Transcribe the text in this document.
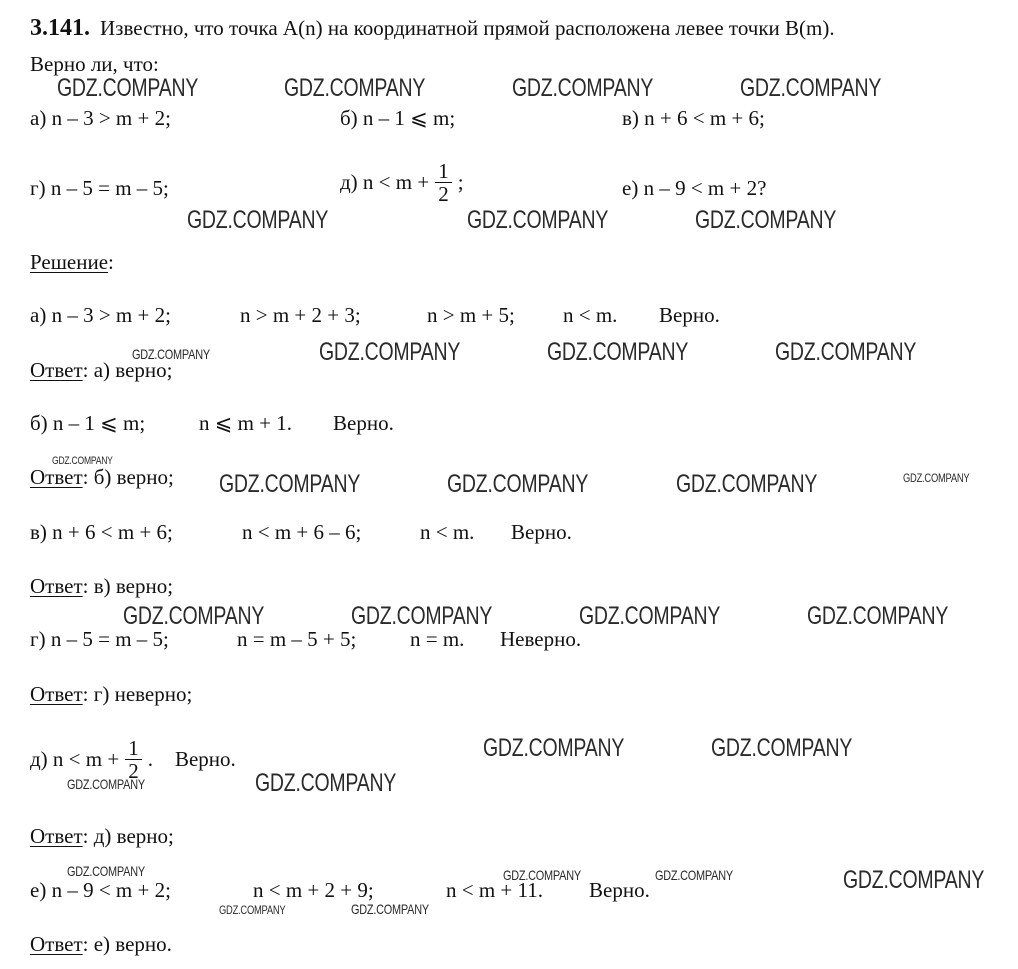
3.141. Известно, что точка A(n) на координатной прямой расположена левее точки B(m).
Верно ли, что:
а) n – 3 > m + 2;	б) n – 1 ⩽ m;	в) n + 6 < m + 6;
г) n – 5 = m – 5;	д) $n < m + \frac{1}{2}$ ;	е) n – 9 < m + 2?
Решение:
а) n – 3 > m + 2;	n > m + 2 + 3;	n > m + 5; n < m. Верно.
Ответ: а) верно;
б) n – 1 ⩽ m;	n ⩽ m + 1. Верно.
Ответ: б) верно;
в) n + 6 < m + 6;	n < m + 6 – 6;	n < m. Верно.
Ответ: в) верно;
г) n – 5 = m – 5;	n = m – 5 + 5;	n = m. Неверно.
Ответ: г) неверно;
д) $n < m + \frac{1}{2}$ . Верно.
Ответ: д) верно;
е) n – 9 < m + 2;	n < m + 2 + 9;	n < m + 11. Верно.
Ответ: е) верно.
GDZ.COMPANY	GDZ.COMPANY	GDZ.COMPANY	GDZ.COMPANY
GDZ.COMPANY	GDZ.COMPANY	GDZ.COMPANY
GDZ.COMPANY	GDZ.COMPANY	GDZ.COMPANY	GDZ.COMPANY
GDZ.COMPANY
GDZ.COMPANY	GDZ.COMPANY	GDZ.COMPANY	GDZ.COMPANY
GDZ.COMPANY	GDZ.COMPANY	GDZ.COMPANY	GDZ.COMPANY
GDZ.COMPANY	GDZ.COMPANY
GDZ.COMPANY	GDZ.COMPANY
GDZ.COMPANY	GDZ.COMPANY	GDZ.COMPANY	GDZ.COMPANY
GDZ.COMPANY	GDZ.COMPANY
